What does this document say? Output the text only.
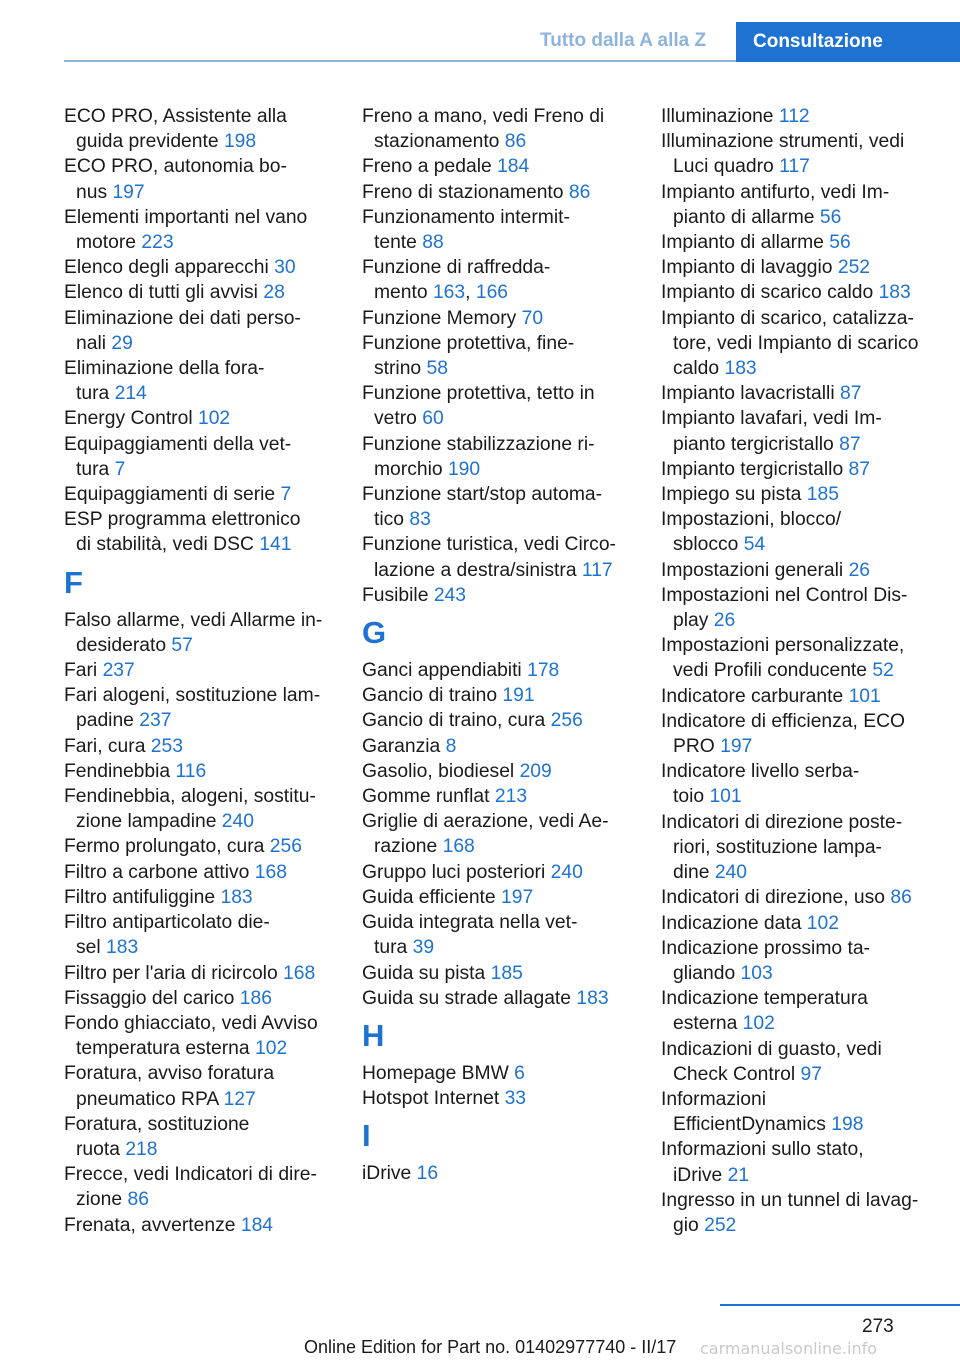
Tutto dalla A alla Z	Consultazione
ECO PRO, Assistente alla
guida previdente 198
ECO PRO, autonomia bo-
nus 197
Elementi importanti nel vano
motore 223
Elenco degli apparecchi 30
Elenco di tutti gli avvisi 28
Eliminazione dei dati perso-
nali 29
Eliminazione della fora-
tura 214
Energy Control 102
Equipaggiamenti della vet-
tura 7
Equipaggiamenti di serie 7
ESP programma elettronico
di stabilità, vedi DSC 141
F
Falso allarme, vedi Allarme in-
desiderato 57
Fari 237
Fari alogeni, sostituzione lam-
padine 237
Fari, cura 253
Fendinebbia 116
Fendinebbia, alogeni, sostitu-
zione lampadine 240
Fermo prolungato, cura 256
Filtro a carbone attivo 168
Filtro antifuliggine 183
Filtro antiparticolato die-
sel 183
Filtro per l'aria di ricircolo 168
Fissaggio del carico 186
Fondo ghiacciato, vedi Avviso
temperatura esterna 102
Foratura, avviso foratura
pneumatico RPA 127
Foratura, sostituzione
ruota 218
Frecce, vedi Indicatori di dire-
zione 86
Frenata, avvertenze 184
Freno a mano, vedi Freno di
stazionamento 86
Freno a pedale 184
Freno di stazionamento 86
Funzionamento intermit-
tente 88
Funzione di raffredda-
mento 163, 166
Funzione Memory 70
Funzione protettiva, fine-
strino 58
Funzione protettiva, tetto in
vetro 60
Funzione stabilizzazione ri-
morchio 190
Funzione start/stop automa-
tico 83
Funzione turistica, vedi Circo-
lazione a destra/sinistra 117
Fusibile 243
G
Ganci appendiabiti 178
Gancio di traino 191
Gancio di traino, cura 256
Garanzia 8
Gasolio, biodiesel 209
Gomme runflat 213
Griglie di aerazione, vedi Ae-
razione 168
Gruppo luci posteriori 240
Guida efficiente 197
Guida integrata nella vet-
tura 39
Guida su pista 185
Guida su strade allagate 183
H
Homepage BMW 6
Hotspot Internet 33
I
iDrive 16
Illuminazione 112
Illuminazione strumenti, vedi
Luci quadro 117
Impianto antifurto, vedi Im-
pianto di allarme 56
Impianto di allarme 56
Impianto di lavaggio 252
Impianto di scarico caldo 183
Impianto di scarico, catalizza-
tore, vedi Impianto di scarico
caldo 183
Impianto lavacristalli 87
Impianto lavafari, vedi Im-
pianto tergicristallo 87
Impianto tergicristallo 87
Impiego su pista 185
Impostazioni, blocco/
sblocco 54
Impostazioni generali 26
Impostazioni nel Control Dis-
play 26
Impostazioni personalizzate,
vedi Profili conducente 52
Indicatore carburante 101
Indicatore di efficienza, ECO
PRO 197
Indicatore livello serba-
toio 101
Indicatori di direzione poste-
riori, sostituzione lampa-
dine 240
Indicatori di direzione, uso 86
Indicazione data 102
Indicazione prossimo ta-
gliando 103
Indicazione temperatura
esterna 102
Indicazioni di guasto, vedi
Check Control 97
Informazioni
EfficientDynamics 198
Informazioni sullo stato,
iDrive 21
Ingresso in un tunnel di lavag-
gio 252
273
Online Edition for Part no. 01402977740 - II/17 carmanualsonline.info
